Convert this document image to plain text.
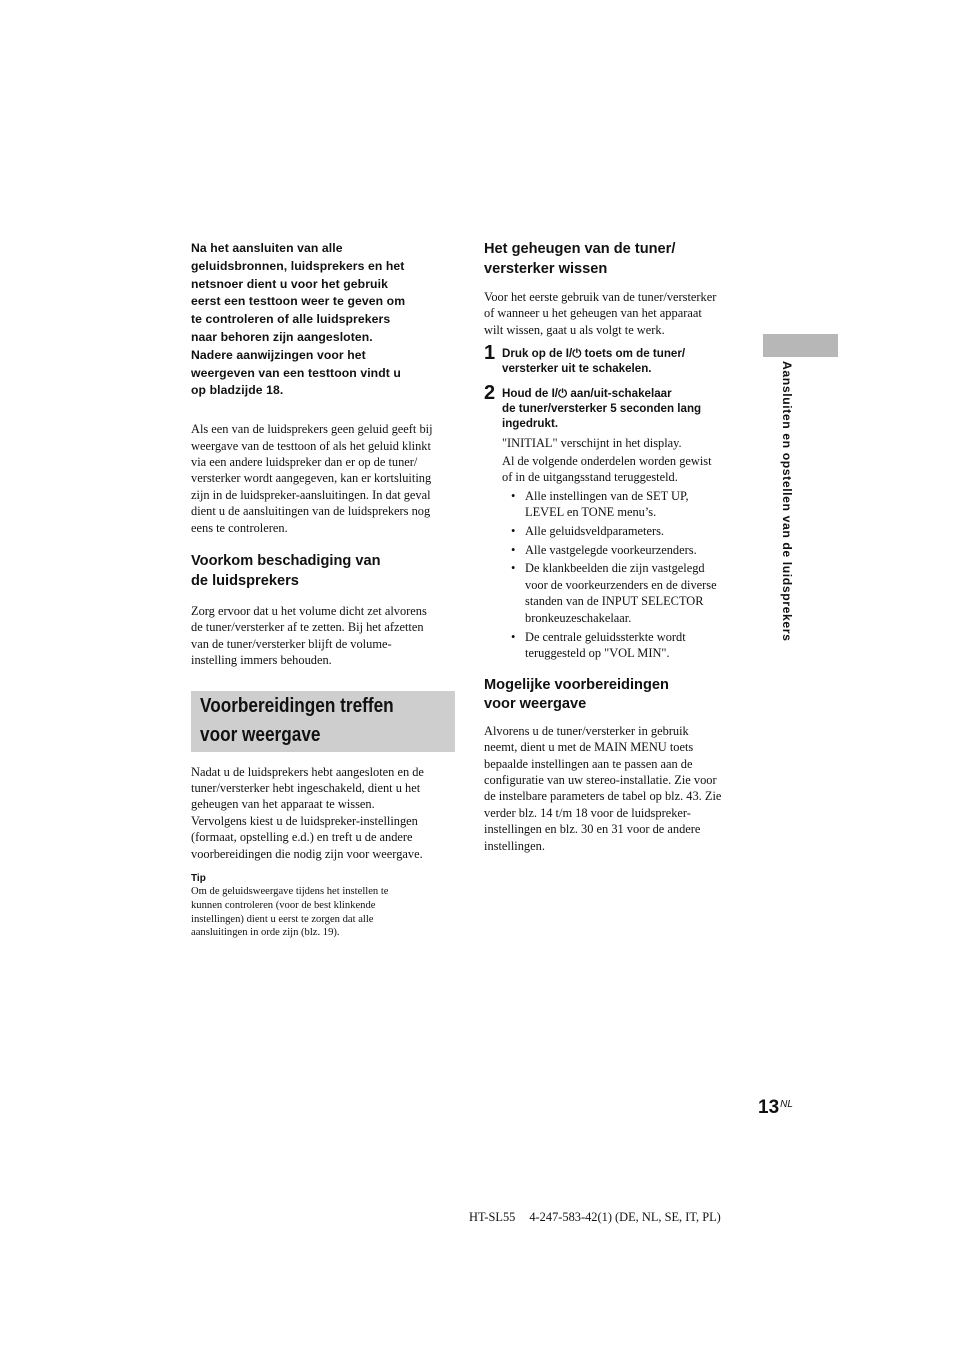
Na het aansluiten van alle
geluidsbronnen, luidsprekers en het
netsnoer dient u voor het gebruik
eerst een testtoon weer te geven om
te controleren of alle luidsprekers
naar behoren zijn aangesloten.
Nadere aanwijzingen voor het
weergeven van een testtoon vindt u
op bladzijde 18.

Als een van de luidsprekers geen geluid geeft bij
weergave van de testtoon of als het geluid klinkt
via een andere luidspreker dan er op de tuner/
versterker wordt aangegeven, kan er kortsluiting
zijn in de luidspreker-aansluitingen. In dat geval
dient u de aansluitingen van de luidsprekers nog
eens te controleren.

Voorkom beschadiging van
de luidsprekers

Zorg ervoor dat u het volume dicht zet alvorens
de tuner/versterker af te zetten. Bij het afzetten
van de tuner/versterker blijft de volume-
instelling immers behouden.

Voorbereidingen treffen
voor weergave

Nadat u de luidsprekers hebt aangesloten en de
tuner/versterker hebt ingeschakeld, dient u het
geheugen van het apparaat te wissen.
Vervolgens kiest u de luidspreker-instellingen
(formaat, opstelling e.d.) en treft u de andere
voorbereidingen die nodig zijn voor weergave.

Tip

Om de geluidsweergave tijdens het instellen te
kunnen controleren (voor de best klinkende
instellingen) dient u eerst te zorgen dat alle
aansluitingen in orde zijn (blz. 19).

Het geheugen van de tuner/
versterker wissen

Voor het eerste gebruik van de tuner/versterker
of wanneer u het geheugen van het apparaat
wilt wissen, gaat u als volgt te werk.

1 Druk op de I/⏻ toets om de tuner/
versterker uit te schakelen.

2 Houd de I/⏻ aan/uit-schakelaar
de tuner/versterker 5 seconden lang
ingedrukt.

"INITIAL" verschijnt in het display.

Al de volgende onderdelen worden gewist
of in de uitgangsstand teruggesteld.

• Alle instellingen van de SET UP,
LEVEL en TONE menu’s.
• Alle geluidsveldparameters.
• Alle vastgelegde voorkeurzenders.
• De klankbeelden die zijn vastgelegd
voor de voorkeurzenders en de diverse
standen van de INPUT SELECTOR
bronkeuzeschakelaar.
• De centrale geluidssterkte wordt
teruggesteld op "VOL MIN".
Mogelijke voorbereidingen
voor weergave

Alvorens u de tuner/versterker in gebruik
neemt, dient u met de MAIN MENU toets
bepaalde instellingen aan te passen aan de
configuratie van uw stereo-installatie. Zie voor
de instelbare parameters de tabel op blz. 43. Zie
verder blz. 14 t/m 18 voor de luidspreker-
instellingen en blz. 30 en 31 voor de andere
instellingen.

Aansluiten en opstellen van de luidsprekers
$13^{NL}$
HT-SL55 4-247-583-42(1) (DE, NL, SE, IT, PL)
